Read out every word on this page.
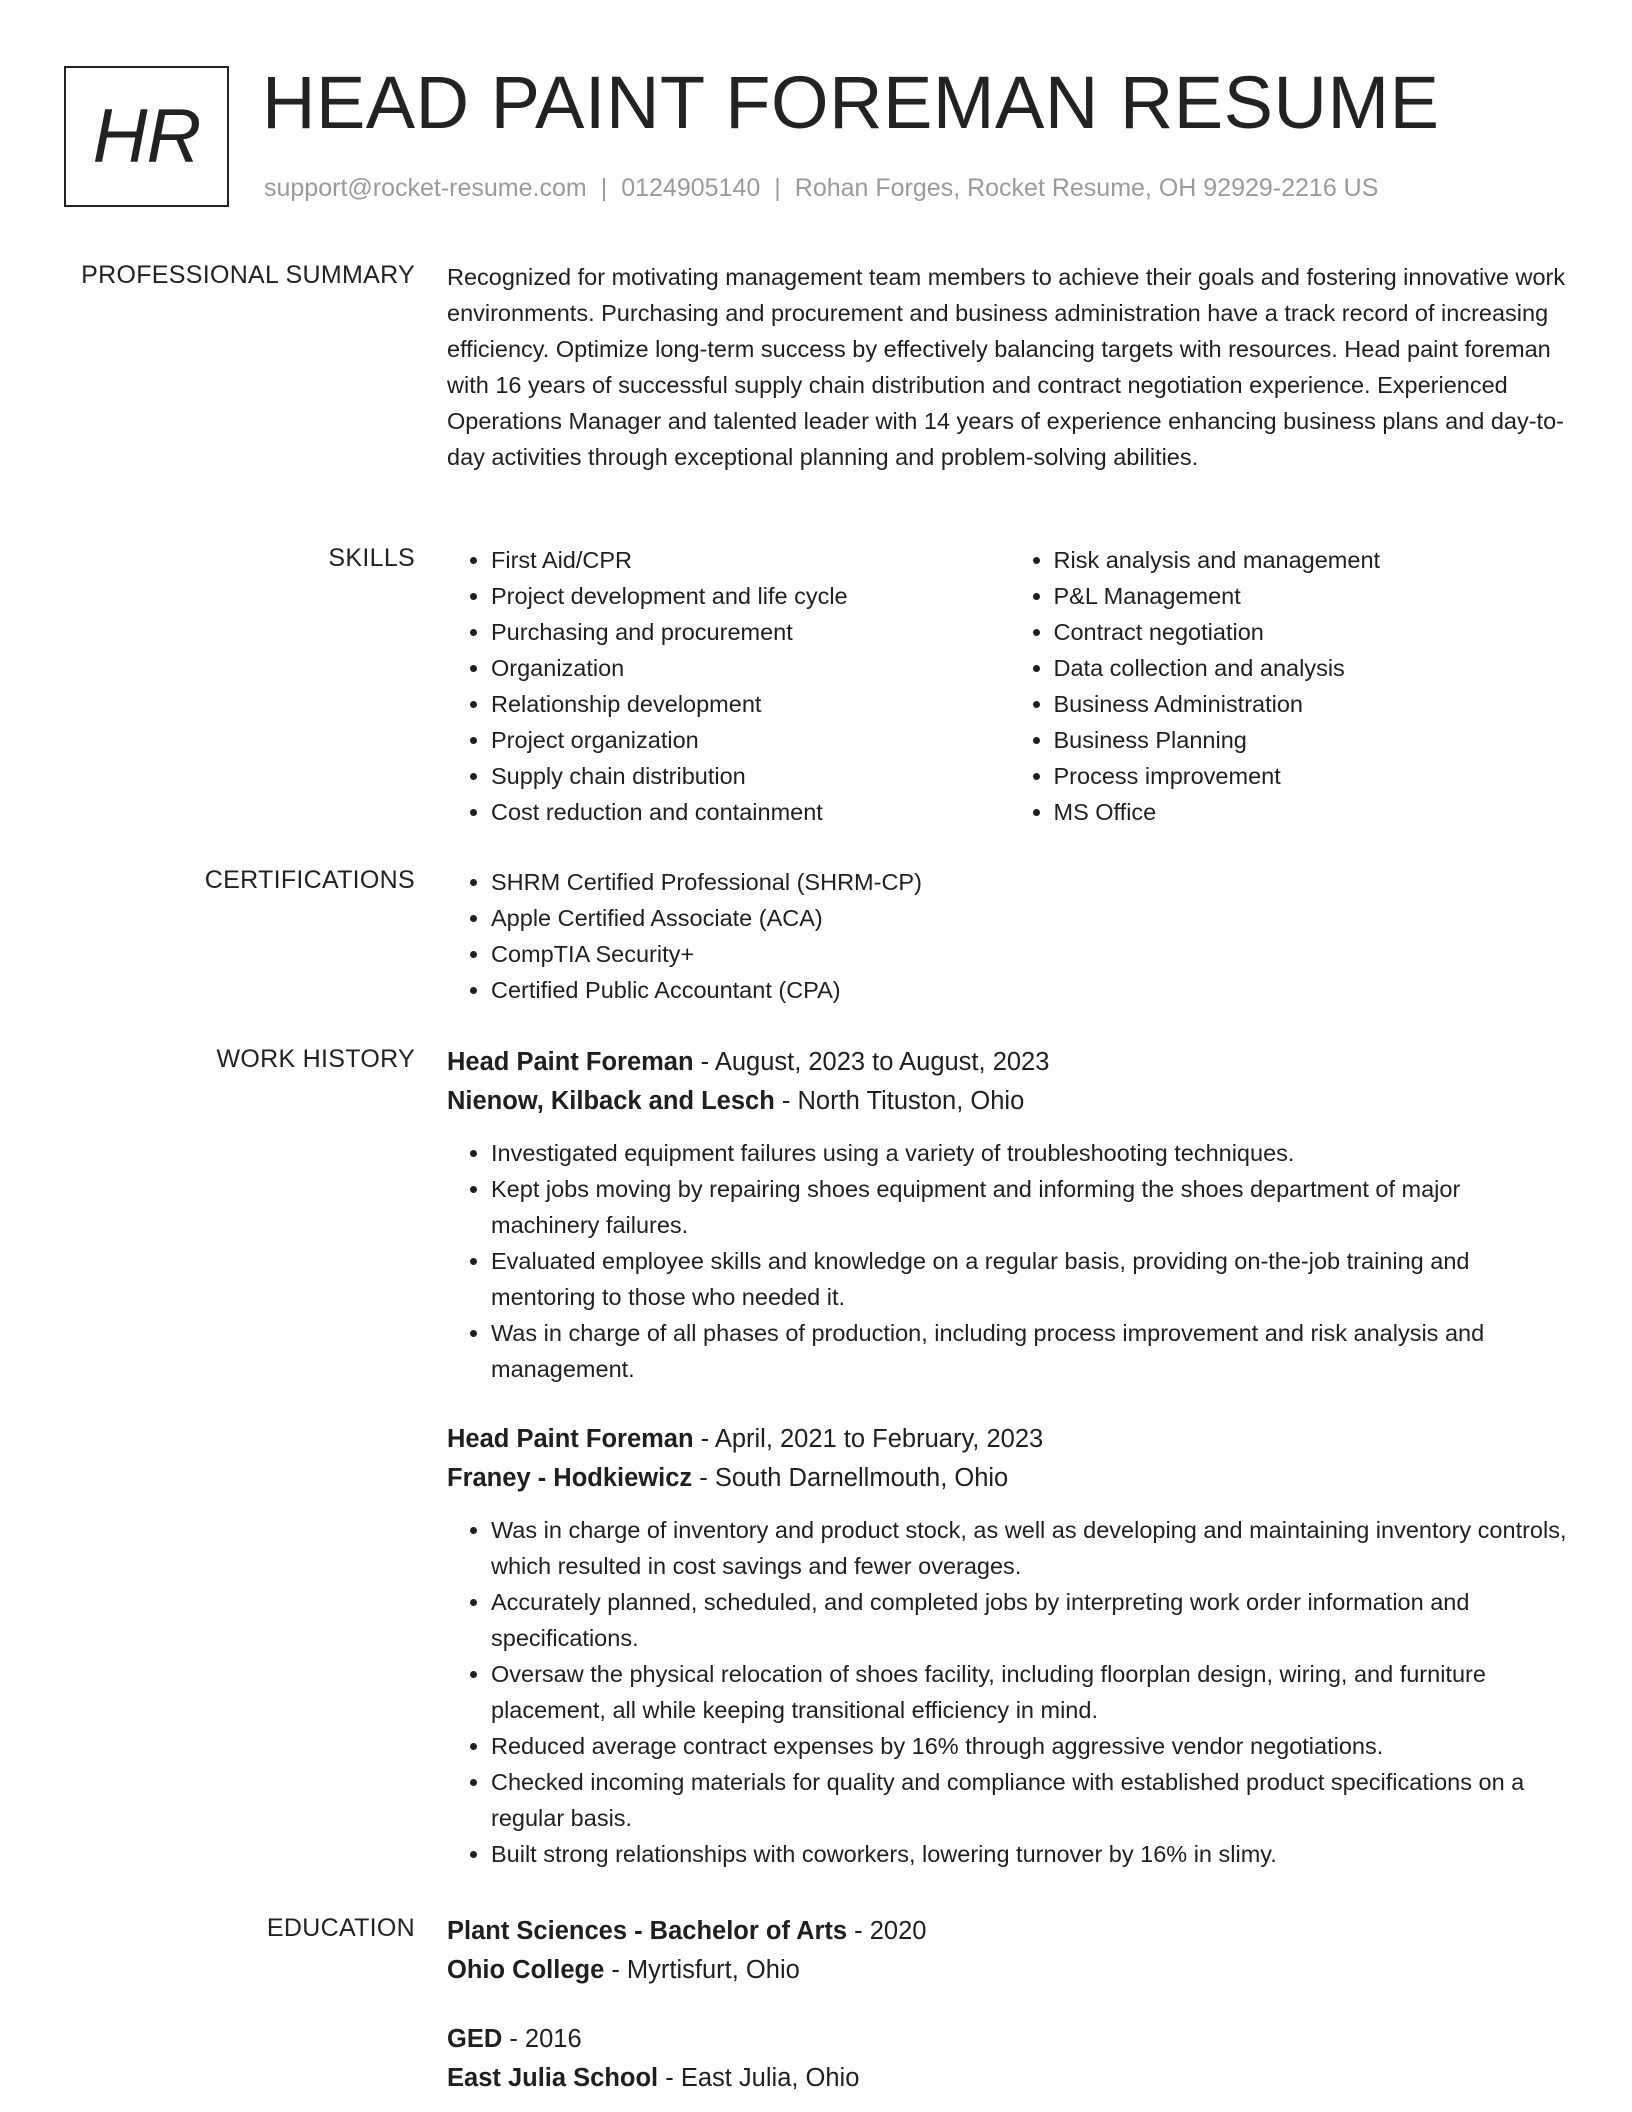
HR HEAD PAINT FOREMAN RESUME
support@rocket-resume.com | 0124905140 | Rohan Forges, Rocket Resume, OH 92929-2216 US
PROFESSIONAL SUMMARY Recognized for motivating management team members to achieve their goals and fostering innovative work environments. Purchasing and procurement and business administration have a track record of increasing efficiency. Optimize long-term success by effectively balancing targets with resources. Head paint foreman with 16 years of successful supply chain distribution and contract negotiation experience. Experienced Operations Manager and talented leader with 14 years of experience enhancing business plans and day-to-day activities through exceptional planning and problem-solving abilities.

SKILLS	• First Aid/CPR
• Project development and life cycle
• Purchasing and procurement
• Organization
• Relationship development
• Project organization
• Supply chain distribution
• Cost reduction and containment
• Risk analysis and management
• P&L Management
• Contract negotiation
• Data collection and analysis
• Business Administration
• Business Planning
• Process improvement
• MS Office
CERTIFICATIONS	• SHRM Certified Professional (SHRM-CP)
• Apple Certified Associate (ACA)
• CompTIA Security+
• Certified Public Accountant (CPA)
WORK HISTORY Head Paint Foreman - August, 2023 to August, 2023
Nienow, Kilback and Lesch - North Tituston, Ohio
• Investigated equipment failures using a variety of troubleshooting techniques.
• Kept jobs moving by repairing shoes equipment and informing the shoes department of major machinery failures.
• Evaluated employee skills and knowledge on a regular basis, providing on-the-job training and mentoring to those who needed it.
• Was in charge of all phases of production, including process improvement and risk analysis and management.
Head Paint Foreman - April, 2021 to February, 2023
Franey - Hodkiewicz - South Darnellmouth, Ohio
• Was in charge of inventory and product stock, as well as developing and maintaining inventory controls, which resulted in cost savings and fewer overages.
• Accurately planned, scheduled, and completed jobs by interpreting work order information and specifications.
• Oversaw the physical relocation of shoes facility, including floorplan design, wiring, and furniture placement, all while keeping transitional efficiency in mind.
• Reduced average contract expenses by 16% through aggressive vendor negotiations.
• Checked incoming materials for quality and compliance with established product specifications on a regular basis.
• Built strong relationships with coworkers, lowering turnover by 16% in slimy.
EDUCATION Plant Sciences - Bachelor of Arts - 2020
Ohio College - Myrtisfurt, Ohio
GED - 2016
East Julia School - East Julia, Ohio
